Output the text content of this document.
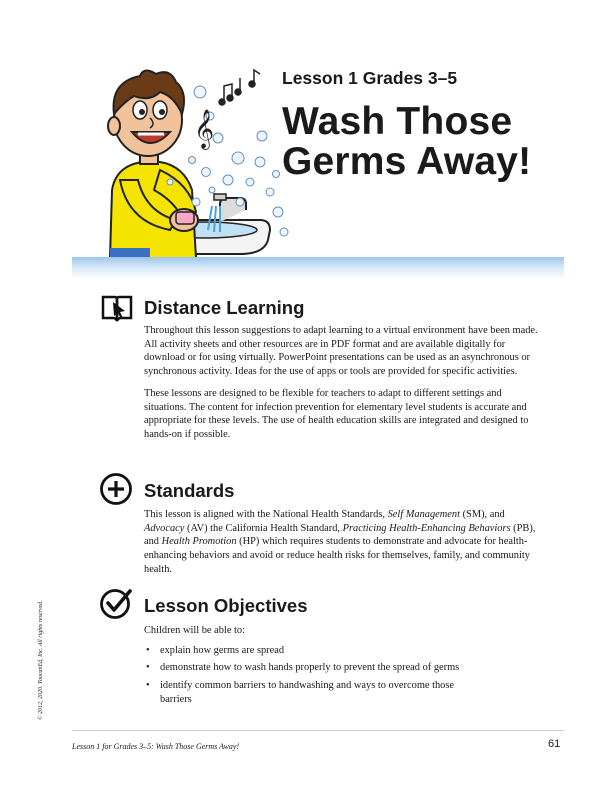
𝄞
Lesson 1 Grades 3–5
Wash Those
Germs Away!
Distance Learning

Throughout this lesson suggestions to adapt learning to a virtual environment have been made. All activity sheets and other resources are in PDF format and are available digitally for download or for using virtually. PowerPoint presentations can be used as an asynchronous or synchronous activity. Ideas for the use of apps or tools are provided for specific activities.

These lessons are designed to be flexible for teachers to adapt to different settings and situations. The content for infection prevention for elementary level students is accurate and appropriate for these levels. The use of health education skills are integrated and designed to hands-on if possible.

Standards

This lesson is aligned with the National Health Standards, Self Management (SM), and Advocacy (AV) the California Health Standard, Practicing Health-Enhancing Behaviors (PB), and Health Promotion (HP) which requires students to demonstrate and advocate for health-enhancing behaviors and avoid or reduce health risks for themselves, family, and community health.

Lesson Objectives
Children will be able to:
• explain how germs are spread
• demonstrate how to wash hands properly to prevent the spread of germs
• identify common barriers to handwashing and ways to overcome those barriers
© 2012, 2020. ToucanEd, Inc. All rights reserved.
Lesson 1 for Grades 3–5: Wash Those Germs Away!	61
